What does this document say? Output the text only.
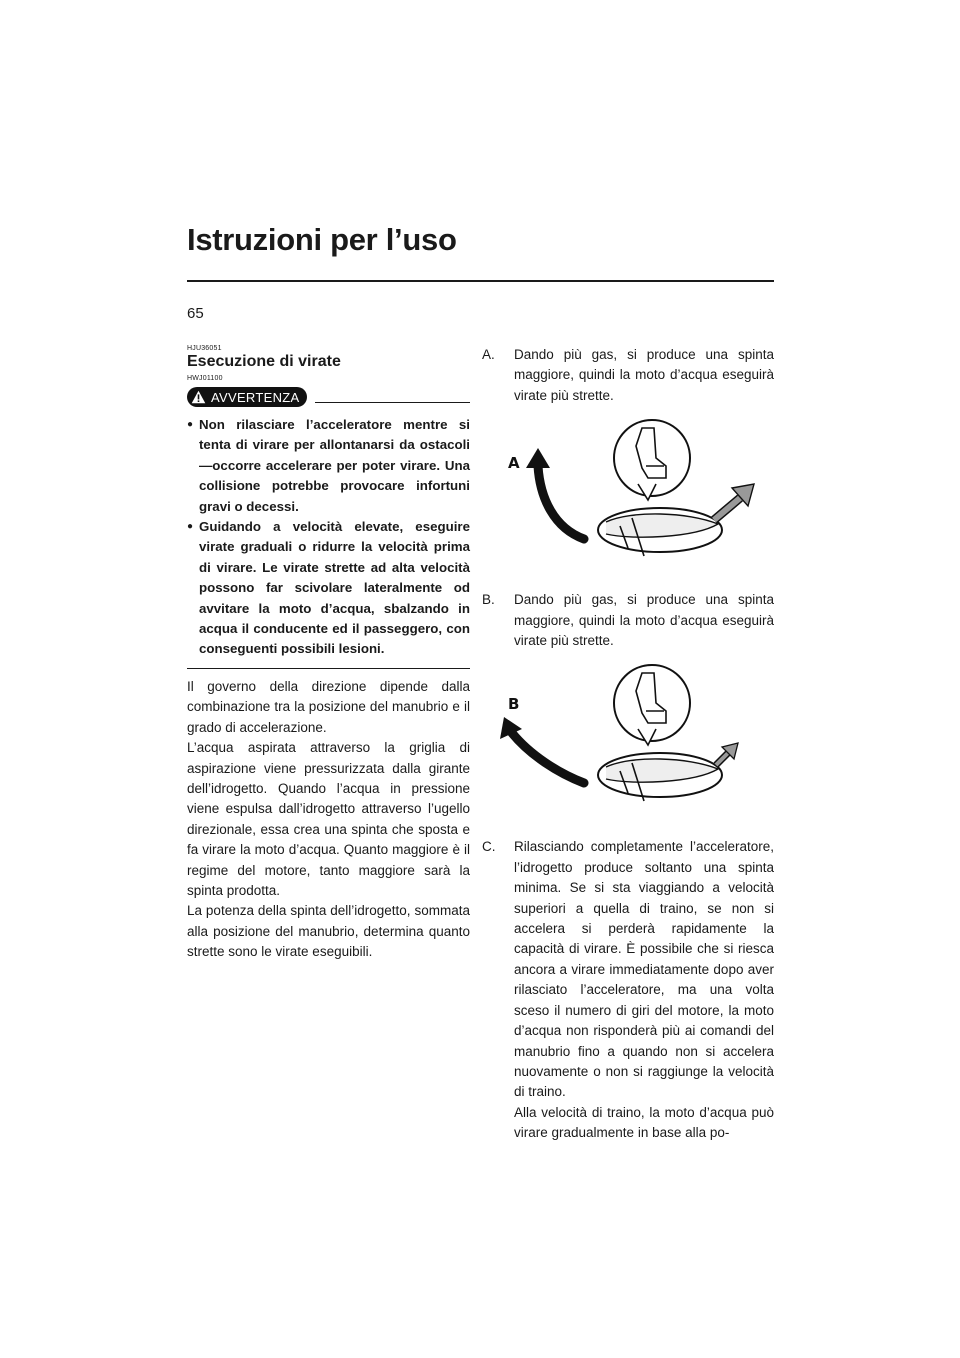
Istruzioni per l’uso
65
HJU36051
Esecuzione di virate
HWJ01100
AVVERTENZA
● Non rilasciare l’acceleratore mentre si tenta di virare per allontanarsi da ostacoli—occorre accelerare per poter virare. Una collisione potrebbe provocare infortuni gravi o decessi.
● Guidando a velocità elevate, eseguire virate graduali o ridurre la velocità prima di virare. Le virate strette ad alta velocità possono far scivolare lateralmente od avvitare la moto d’acqua, sbalzando in acqua il conducente ed il passeggero, con conseguenti possibili lesioni.

Il governo della direzione dipende dalla combinazione tra la posizione del manubrio e il grado di accelerazione.

L’acqua aspirata attraverso la griglia di aspirazione viene pressurizzata dalla girante dell’idrogetto. Quando l’acqua in pressione viene espulsa dall’idrogetto attraverso l’ugello direzionale, essa crea una spinta che sposta e fa virare la moto d’acqua. Quanto maggiore è il regime del motore, tanto maggiore sarà la spinta prodotta.

La potenza della spinta dell’idrogetto, sommata alla posizione del manubrio, determina quanto strette sono le virate eseguibili.

A.	Dando più gas, si produce una spinta maggiore, quindi la moto d’acqua eseguirà virate più strette.
A
B.	Dando più gas, si produce una spinta maggiore, quindi la moto d’acqua eseguirà virate più strette.
B
C.	Rilasciando completamente l’acceleratore, l’idrogetto produce soltanto una spinta minima. Se si sta viaggiando a velocità superiori a quella di traino, se non si accelera si perderà rapidamente la capacità di virare. È possibile che si riesca ancora a virare immediatamente dopo aver rilasciato l’acceleratore, ma una volta sceso il numero di giri del motore, la moto d’acqua non risponderà più ai comandi del manubrio fino a quando non si accelera nuovamente o non si raggiunge la velocità di traino.
Alla velocità di traino, la moto d’acqua può virare gradualmente in base alla po-
